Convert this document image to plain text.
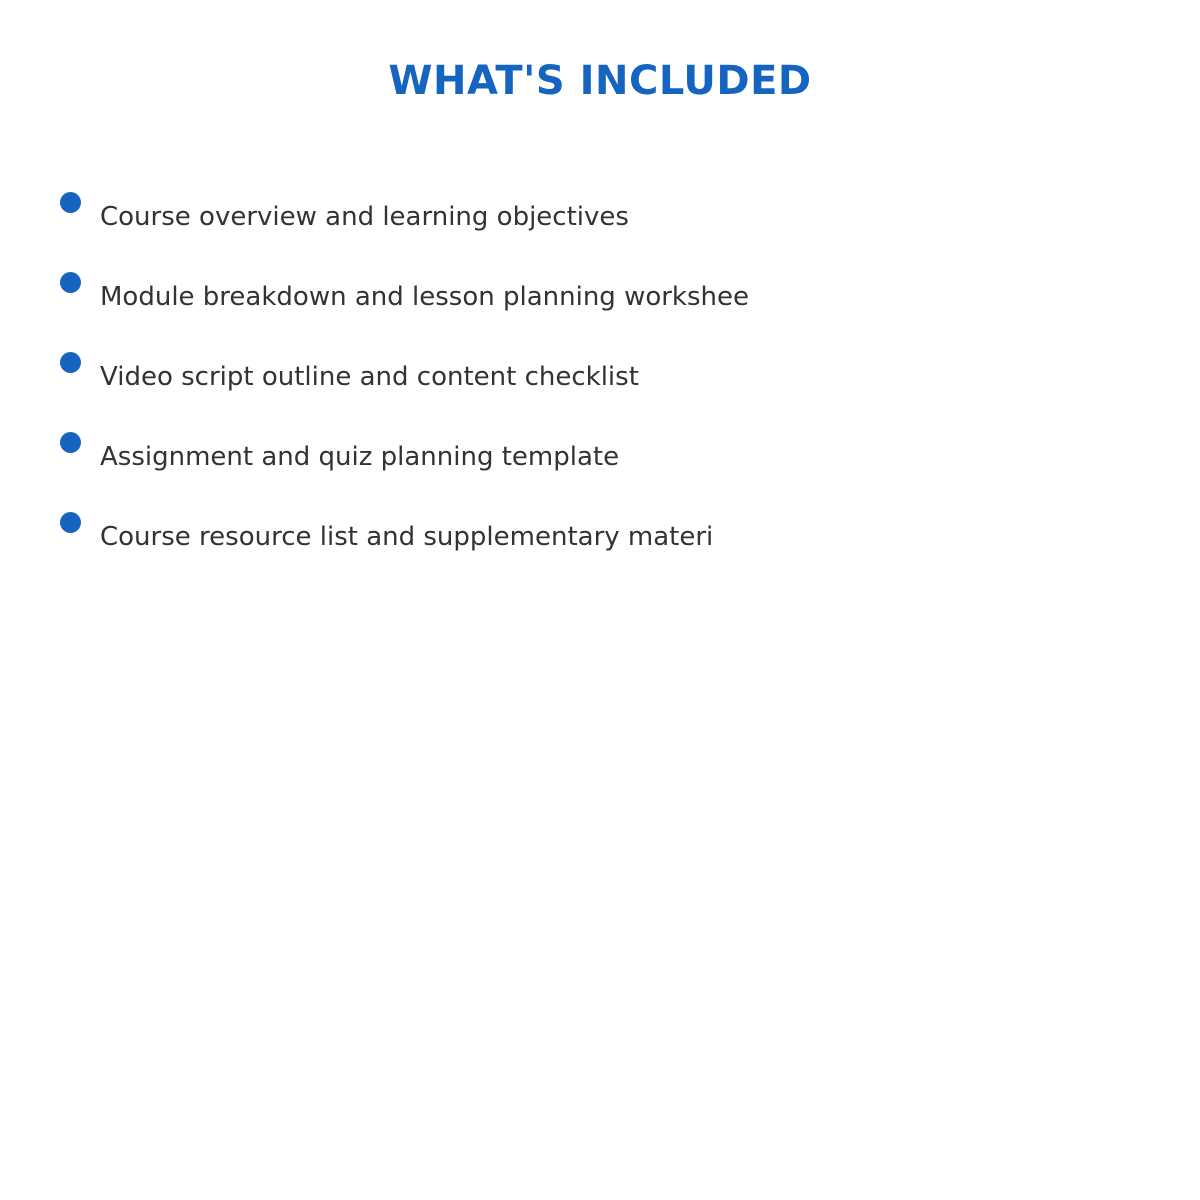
WHAT'S INCLUDED
Course overview and learning objectives
Module breakdown and lesson planning workshee
Video script outline and content checklist
Assignment and quiz planning template
Course resource list and supplementary materi
